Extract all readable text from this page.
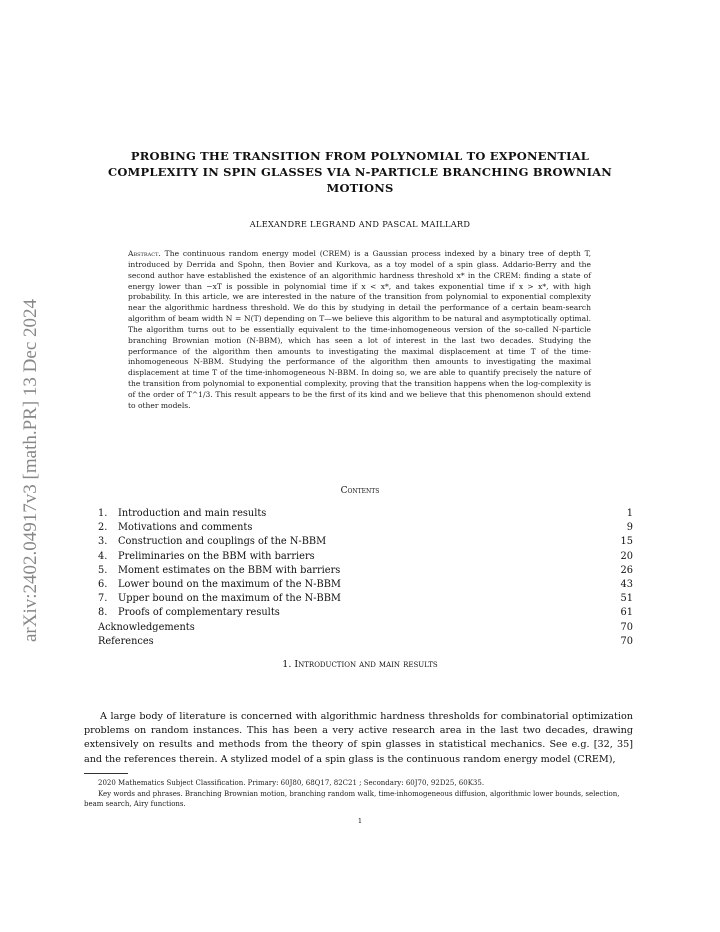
arXiv:2402.04917v3 [math.PR] 13 Dec 2024
PROBING THE TRANSITION FROM POLYNOMIAL TO EXPONENTIAL COMPLEXITY IN SPIN GLASSES VIA N-PARTICLE BRANCHING BROWNIAN MOTIONS
ALEXANDRE LEGRAND AND PASCAL MAILLARD
Abstract. The continuous random energy model (CREM) is a Gaussian process indexed by a binary tree of depth T, introduced by Derrida and Spohn, then Bovier and Kurkova, as a toy model of a spin glass. Addario-Berry and the second author have established the existence of an algorithmic hardness threshold x* in the CREM: finding a state of energy lower than −xT is possible in polynomial time if x < x*, and takes exponential time if x > x*, with high probability. In this article, we are interested in the nature of the transition from polynomial to exponential complexity near the algorithmic hardness threshold. We do this by studying in detail the performance of a certain beam-search algorithm of beam width N = N(T) depending on T—we believe this algorithm to be natural and asymptotically optimal. The algorithm turns out to be essentially equivalent to the time-inhomogeneous version of the so-called N-particle branching Brownian motion (N-BBM), which has seen a lot of interest in the last two decades. Studying the performance of the algorithm then amounts to investigating the maximal displacement at time T of the time-inhomogeneous N-BBM. Studying the performance of the algorithm then amounts to investigating the maximal displacement at time T of the time-inhomogeneous N-BBM. In doing so, we are able to quantify precisely the nature of the transition from polynomial to exponential complexity, proving that the transition happens when the log-complexity is of the order of T^1/3. This result appears to be the first of its kind and we believe that this phenomenon should extend to other models.
Contents
1.	Introduction and main results	1
2.	Motivations and comments	9
3.	Construction and couplings of the N-BBM	15
4.	Preliminaries on the BBM with barriers	20
5.	Moment estimates on the BBM with barriers	26
6.	Lower bound on the maximum of the N-BBM	43
7.	Upper bound on the maximum of the N-BBM	51
8.	Proofs of complementary results	61
Acknowledgements	70
References	70
1. Introduction and main results

A large body of literature is concerned with algorithmic hardness thresholds for combinatorial optimization problems on random instances. This has been a very active research area in the last two decades, drawing extensively on results and methods from the theory of spin glasses in statistical mechanics. See e.g. [32, 35] and the references therein. A stylized model of a spin glass is the continuous random energy model (CREM),

2020 Mathematics Subject Classification. Primary: 60J80, 68Q17, 82C21 ; Secondary: 60J70, 92D25, 60K35.
Key words and phrases. Branching Brownian motion, branching random walk, time-inhomogeneous diffusion, algorithmic lower bounds, selection, beam search, Airy functions.
1
